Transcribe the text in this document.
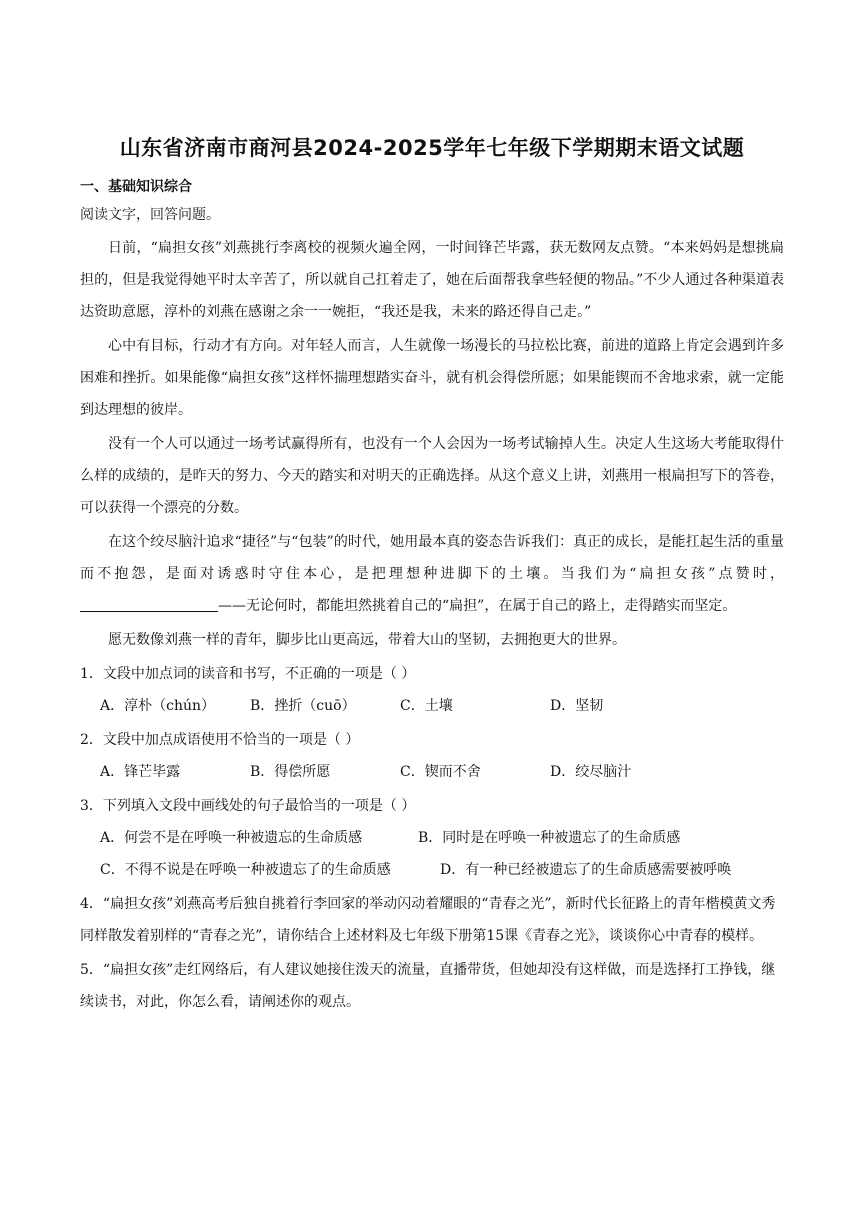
山东省济南市商河县2024-2025学年七年级下学期期末语文试题
一、基础知识综合
阅读文字，回答问题。
日前，“扁担女孩”刘燕挑行李离校的视频火遍全网，一时间锋芒毕露，获无数网友点赞。“本来妈妈是想挑扁担的，但是我觉得她平时太辛苦了，所以就自己扛着走了，她在后面帮我拿些轻便的物品。”不少人通过各种渠道表达资助意愿，淳朴的刘燕在感谢之余一一婉拒，“我还是我，未来的路还得自己走。”
心中有目标，行动才有方向。对年轻人而言，人生就像一场漫长的马拉松比赛，前进的道路上肯定会遇到许多困难和挫折。如果能像“扁担女孩”这样怀揣理想踏实奋斗，就有机会得偿所愿；如果能锲而不舍地求索，就一定能到达理想的彼岸。
没有一个人可以通过一场考试赢得所有，也没有一个人会因为一场考试输掉人生。决定人生这场大考能取得什么样的成绩的，是昨天的努力、今天的踏实和对明天的正确选择。从这个意义上讲，刘燕用一根扁担写下的答卷，可以获得一个漂亮的分数。
在这个绞尽脑汁追求“捷径”与“包装”的时代，她用最本真的姿态告诉我们：真正的成长，是能扛起生活的重量而不抱怨，是面对诱惑时守住本心，是把理想种进脚下的土壤。当我们为“扁担女孩”点赞时，——无论何时，都能坦然挑着自己的“扁担”，在属于自己的路上，走得踏实而坚定。
愿无数像刘燕一样的青年，脚步比山更高远，带着大山的坚韧，去拥抱更大的世界。
1．文段中加点词的读音和书写，不正确的一项是（ ）
A．淳朴（chún）	B．挫折（cuō）	C．土壤	D．坚韧
2．文段中加点成语使用不恰当的一项是（ ）
A．锋芒毕露	B．得偿所愿	C．锲而不舍	D．绞尽脑汁
3．下列填入文段中画线处的句子最恰当的一项是（ ）
A．何尝不是在呼唤一种被遗忘的生命质感	B．同时是在呼唤一种被遗忘了的生命质感
C．不得不说是在呼唤一种被遗忘了的生命质感	D．有一种已经被遗忘了的生命质感需要被呼唤
4．“扁担女孩”刘燕高考后独自挑着行李回家的举动闪动着耀眼的“青春之光”，新时代长征路上的青年楷模黄文秀同样散发着别样的“青春之光”，请你结合上述材料及七年级下册第15课《青春之光》，谈谈你心中青春的模样。
5．“扁担女孩”走红网络后，有人建议她接住泼天的流量，直播带货，但她却没有这样做，而是选择打工挣钱，继续读书，对此，你怎么看，请阐述你的观点。
